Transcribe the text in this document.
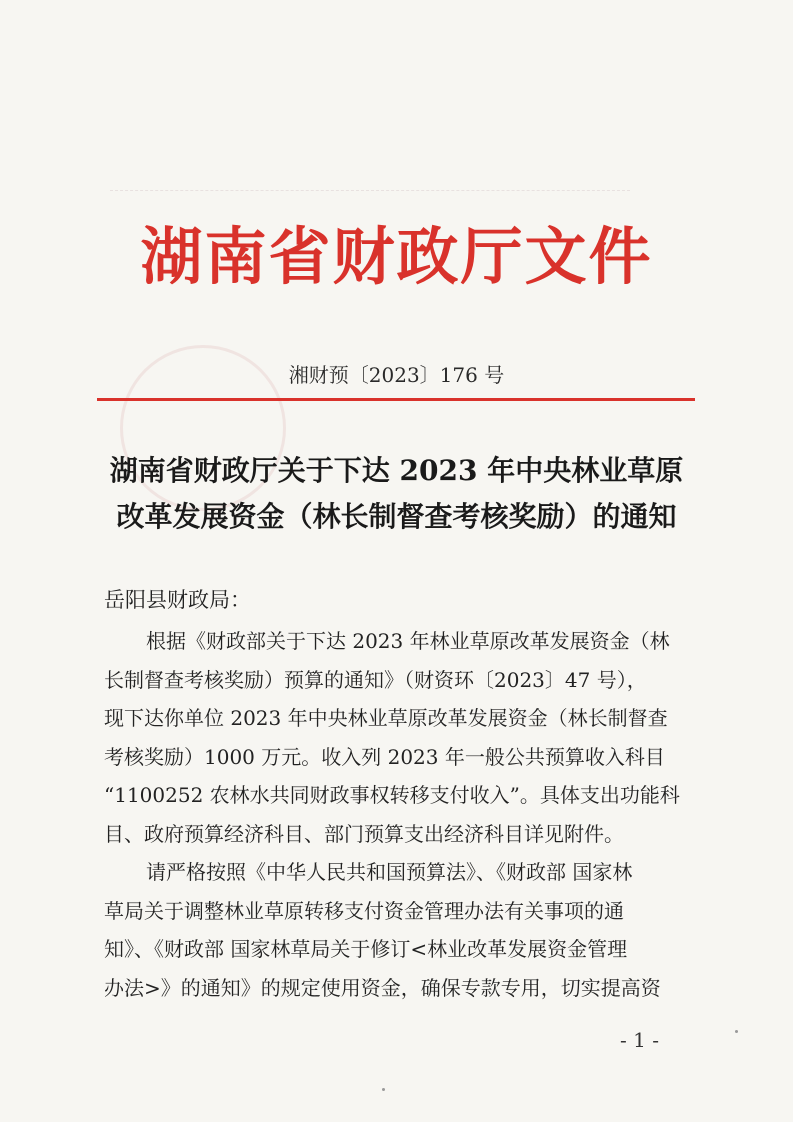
湖南省财政厅文件
湘财预〔2023〕176 号
湖南省财政厅关于下达 2023 年中央林业草原
改革发展资金（林长制督查考核奖励）的通知
岳阳县财政局：

根据《财政部关于下达 2023 年林业草原改革发展资金（林
长制督查考核奖励）预算的通知》（财资环〔2023〕47 号），
现下达你单位 2023 年中央林业草原改革发展资金（林长制督查
考核奖励）1000 万元。收入列 2023 年一般公共预算收入科目
“1100252 农林水共同财政事权转移支付收入”。具体支出功能科
目、政府预算经济科目、部门预算支出经济科目详见附件。

请严格按照《中华人民共和国预算法》、《财政部 国家林
草局关于调整林业草原转移支付资金管理办法有关事项的通
知》、《财政部 国家林草局关于修订<林业改革发展资金管理
办法>》的通知》的规定使用资金，确保专款专用，切实提高资

- 1 -
